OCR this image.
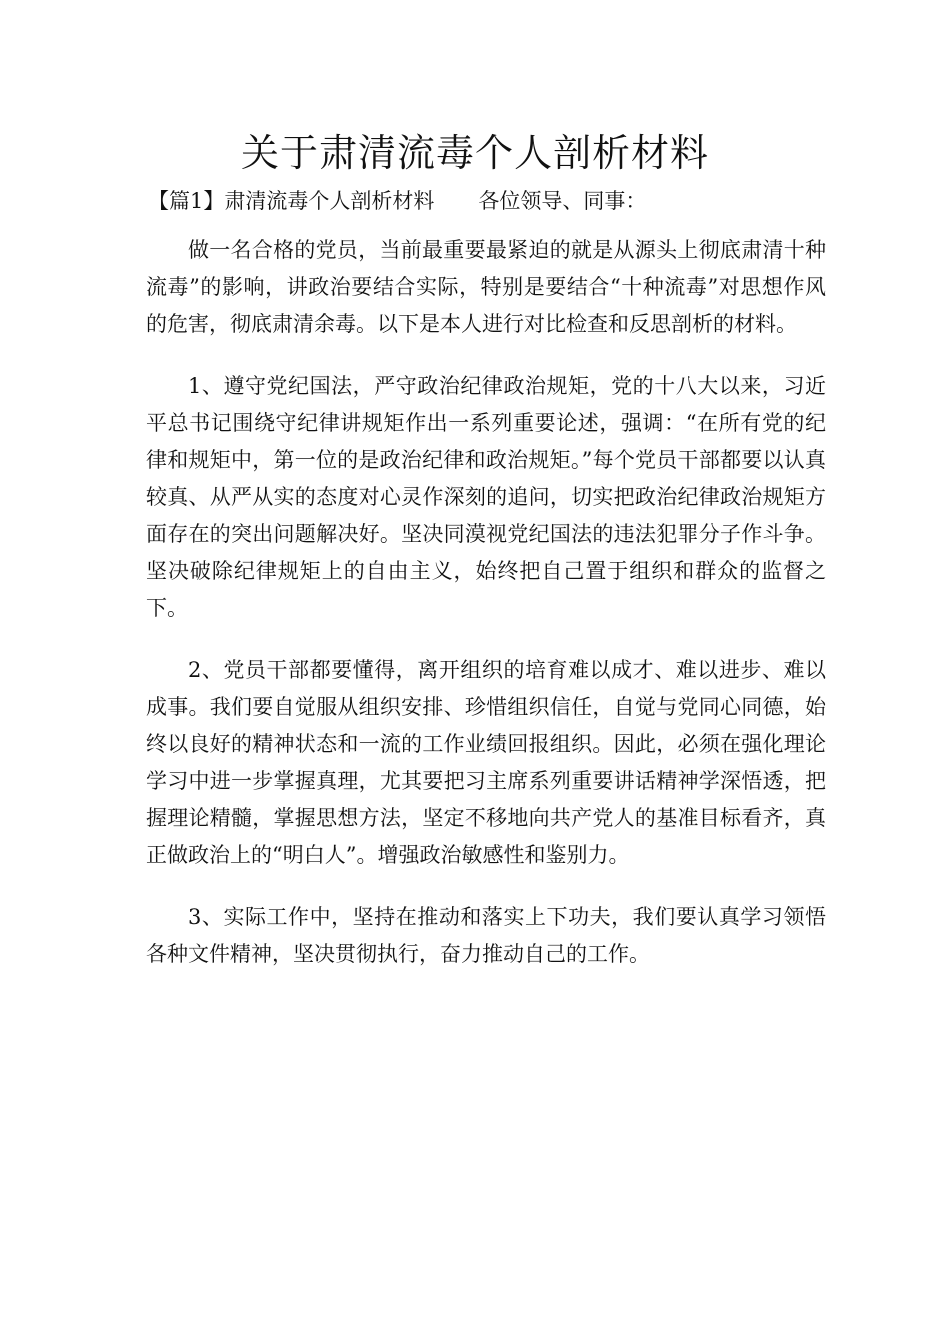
关于肃清流毒个人剖析材料
【篇1】肃清流毒个人剖析材料 各位领导、同事：

做一名合格的党员，当前最重要最紧迫的就是从源头上彻底肃清十种流毒”的影响，讲政治要结合实际，特别是要结合“十种流毒”对思想作风的危害，彻底肃清余毒。以下是本人进行对比检查和反思剖析的材料。

1、遵守党纪国法，严守政治纪律政治规矩，党的十八大以来，习近平总书记围绕守纪律讲规矩作出一系列重要论述，强调：“在所有党的纪律和规矩中，第一位的是政治纪律和政治规矩。”每个党员干部都要以认真较真、从严从实的态度对心灵作深刻的追问，切实把政治纪律政治规矩方面存在的突出问题解决好。坚决同漠视党纪国法的违法犯罪分子作斗争。坚决破除纪律规矩上的自由主义，始终把自己置于组织和群众的监督之下。

2、党员干部都要懂得，离开组织的培育难以成才、难以进步、难以成事。我们要自觉服从组织安排、珍惜组织信任，自觉与党同心同德，始终以良好的精神状态和一流的工作业绩回报组织。因此，必须在强化理论学习中进一步掌握真理，尤其要把习主席系列重要讲话精神学深悟透，把握理论精髓，掌握思想方法，坚定不移地向共产党人的基准目标看齐，真正做政治上的“明白人”。增强政治敏感性和鉴别力。

3、实际工作中，坚持在推动和落实上下功夫，我们要认真学习领悟各种文件精神，坚决贯彻执行，奋力推动自己的工作。
